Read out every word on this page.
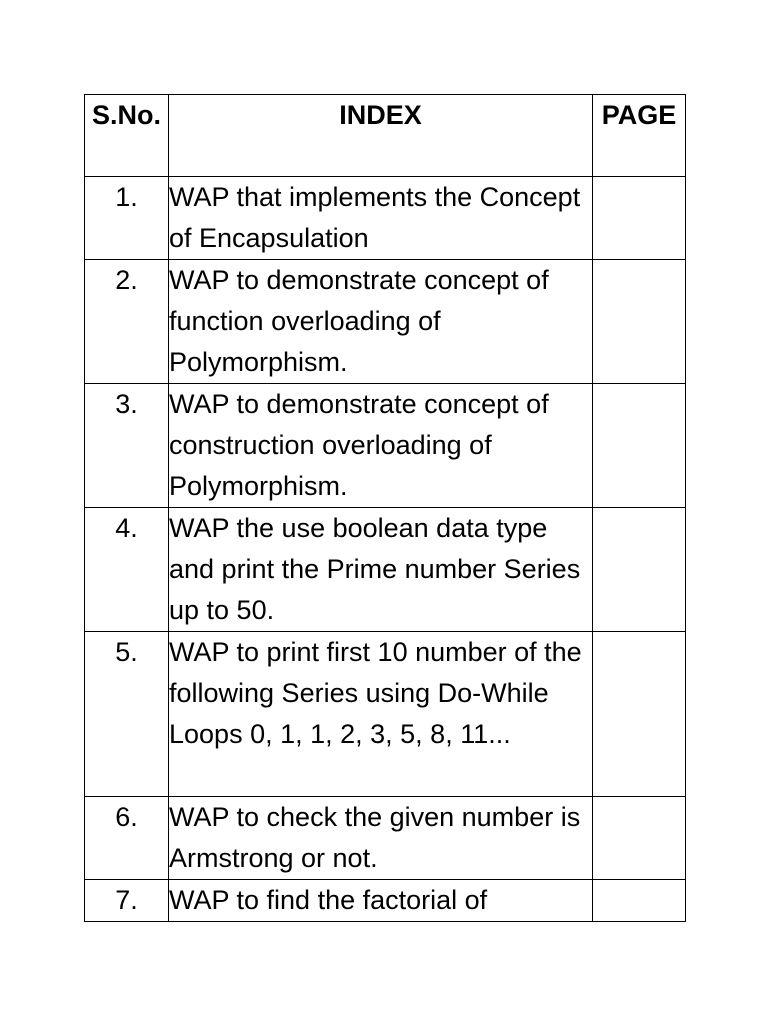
S.No.	INDEX	PAGE
1.	WAP that implements the Concept of Encapsulation	
2.	WAP to demonstrate concept of function overloading of Polymorphism.	
3.	WAP to demonstrate concept of construction overloading of Polymorphism.	
4.	WAP the use boolean data type and print the Prime number Series up to 50.	
5.	WAP to print first 10 number of the following Series using Do-While Loops 0, 1, 1, 2, 3, 5, 8, 11...	
6.	WAP to check the given number is Armstrong or not.	
7.	WAP to find the factorial of	
